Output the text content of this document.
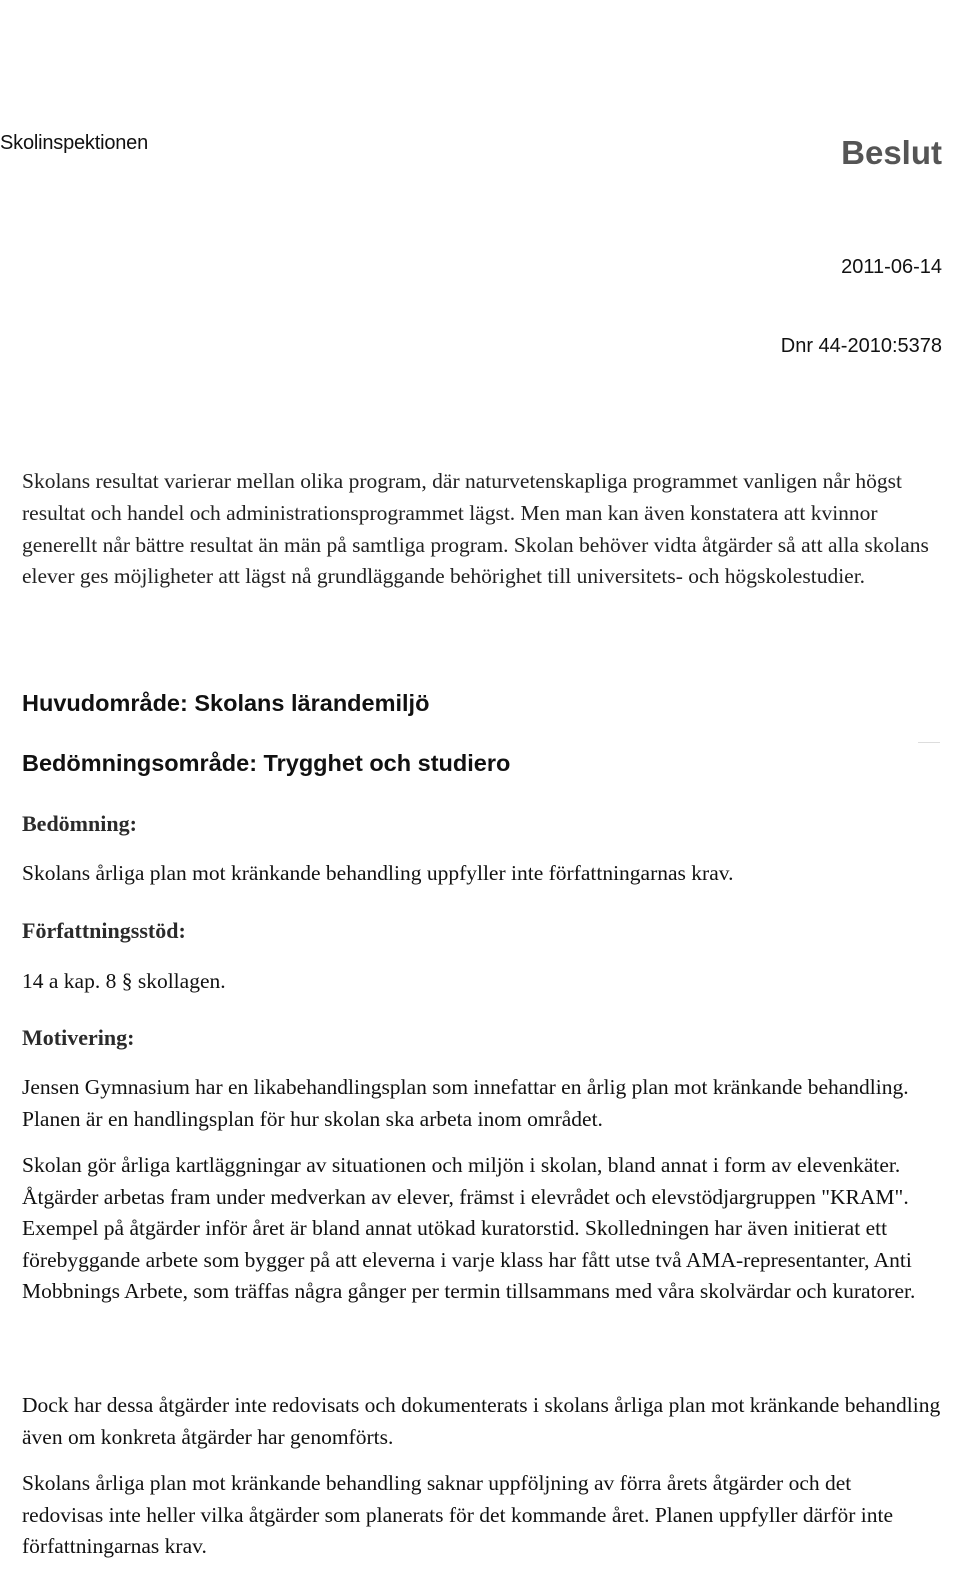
Skolinspektionen	Beslut
2011-06-14
Dnr 44-2010:5378

Skolans resultat varierar mellan olika program, där naturvetenskapliga programmet vanligen når högst resultat och handel och administrationsprogrammet lägst. Men man kan även konstatera att kvinnor generellt når bättre resultat än män på samtliga program. Skolan behöver vidta åtgärder så att alla skolans elever ges möjligheter att lägst nå grundläggande behörighet till universitets- och högskolestudier.

Huvudområde: Skolans lärandemiljö
Bedömningsområde: Trygghet och studiero
Bedömning:

Skolans årliga plan mot kränkande behandling uppfyller inte författningarnas krav.

Författningsstöd:

14 a kap. 8 § skollagen.

Motivering:

Jensen Gymnasium har en likabehandlingsplan som innefattar en årlig plan mot kränkande behandling. Planen är en handlingsplan för hur skolan ska arbeta inom området.

Skolan gör årliga kartläggningar av situationen och miljön i skolan, bland annat i form av elevenkäter. Åtgärder arbetas fram under medverkan av elever, främst i elevrådet och elevstödjargruppen "KRAM". Exempel på åtgärder inför året är bland annat utökad kuratorstid. Skolledningen har även initierat ett förebyggande arbete som bygger på att eleverna i varje klass har fått utse två AMA-representanter, Anti Mobbnings Arbete, som träffas några gånger per termin tillsammans med våra skolvärdar och kuratorer.

Dock har dessa åtgärder inte redovisats och dokumenterats i skolans årliga plan mot kränkande behandling även om konkreta åtgärder har genomförts.

Skolans årliga plan mot kränkande behandling saknar uppföljning av förra årets åtgärder och det redovisas inte heller vilka åtgärder som planerats för det kommande året. Planen uppfyller därför inte författningarnas krav.
